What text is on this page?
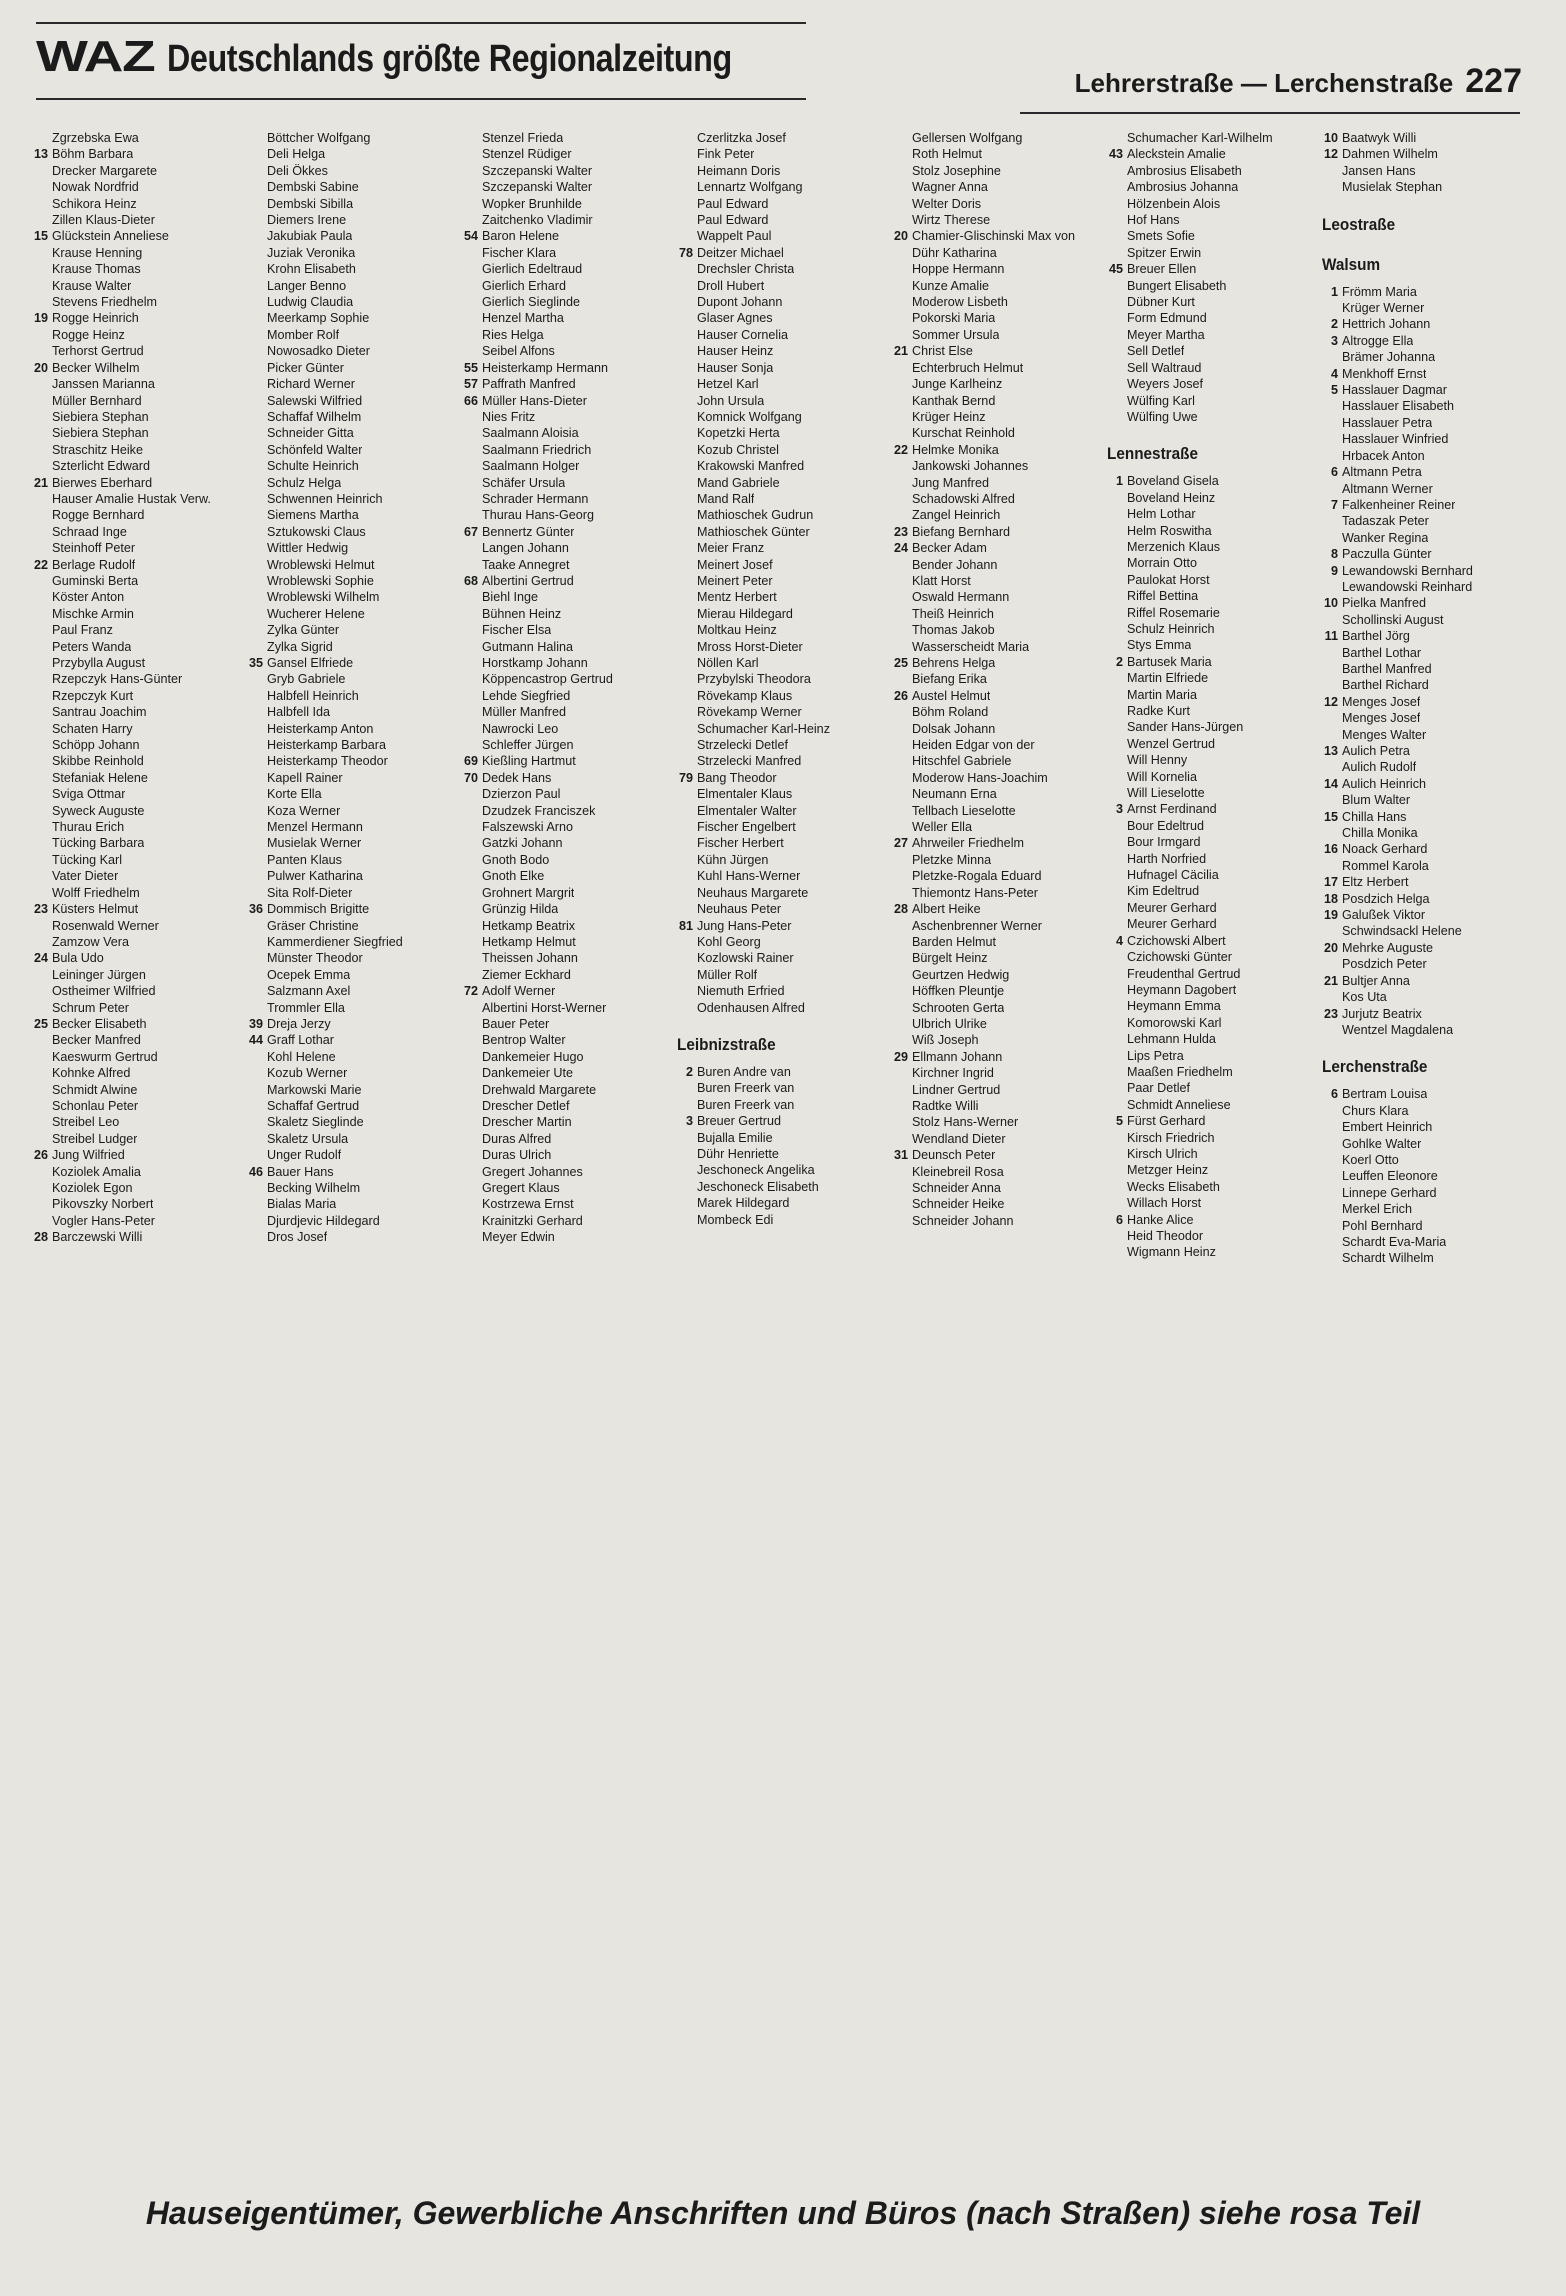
WAZ Deutschlands größte Regionalzeitung
Lehrerstraße — Lerchenstraße 227
Zgrzebska Ewa
13 Böhm Barbara
Drecker Margarete
Nowak Nordfrid
Schikora Heinz
Zillen Klaus-Dieter
15 Glückstein Anneliese
Krause Henning
Krause Thomas
Krause Walter
Stevens Friedhelm
19 Rogge Heinrich
Rogge Heinz
Terhorst Gertrud
20 Becker Wilhelm
Janssen Marianna
Müller Bernhard
Siebiera Stephan
Siebiera Stephan
Straschitz Heike
Szterlicht Edward
21 Bierwes Eberhard
Hauser Amalie Hustak Verw.
Rogge Bernhard
Schraad Inge
Steinhoff Peter
22 Berlage Rudolf
Guminski Berta
Köster Anton
Mischke Armin
Paul Franz
Peters Wanda
Przybylla August
Rzepczyk Hans-Günter
Rzepczyk Kurt
Santrau Joachim
Schaten Harry
Schöpp Johann
Skibbe Reinhold
Stefaniak Helene
Sviga Ottmar
Syweck Auguste
Thurau Erich
Tücking Barbara
Tücking Karl
Vater Dieter
Wolff Friedhelm
23 Küsters Helmut
Rosenwald Werner
Zamzow Vera
24 Bula Udo
Leininger Jürgen
Ostheimer Wilfried
Schrum Peter
25 Becker Elisabeth
Becker Manfred
Kaeswurm Gertrud
Kohnke Alfred
Schmidt Alwine
Schonlau Peter
Streibel Leo
Streibel Ludger
26 Jung Wilfried
Koziolek Amalia
Koziolek Egon
Pikovszky Norbert
Vogler Hans-Peter
28 Barczewski Willi
Böttcher Wolfgang
Deli Helga
Deli Ökkes
Dembski Sabine
Dembski Sibilla
Diemers Irene
Jakubiak Paula
Juziak Veronika
Krohn Elisabeth
Langer Benno
Ludwig Claudia
Meerkamp Sophie
Momber Rolf
Nowosadko Dieter
Picker Günter
Richard Werner
Salewski Wilfried
Schaffaf Wilhelm
Schneider Gitta
Schönfeld Walter
Schulte Heinrich
Schulz Helga
Schwennen Heinrich
Siemens Martha
Sztukowski Claus
Wittler Hedwig
Wroblewski Helmut
Wroblewski Sophie
Wroblewski Wilhelm
Wucherer Helene
Zylka Günter
Zylka Sigrid
35 Gansel Elfriede
Gryb Gabriele
Halbfell Heinrich
Halbfell Ida
Heisterkamp Anton
Heisterkamp Barbara
Heisterkamp Theodor
Kapell Rainer
Korte Ella
Koza Werner
Menzel Hermann
Musielak Werner
Panten Klaus
Pulwer Katharina
Sita Rolf-Dieter
36 Dommisch Brigitte
Gräser Christine
Kammerdiener Siegfried
Münster Theodor
Ocepek Emma
Salzmann Axel
Trommler Ella
39 Dreja Jerzy
44 Graff Lothar
Kohl Helene
Kozub Werner
Markowski Marie
Schaffaf Gertrud
Skaletz Sieglinde
Skaletz Ursula
Unger Rudolf
46 Bauer Hans
Becking Wilhelm
Bialas Maria
Djurdjevic Hildegard
Dros Josef
Stenzel Frieda
Stenzel Rüdiger
Szczepanski Walter
Szczepanski Walter
Wopker Brunhilde
Zaitchenko Vladimir
54 Baron Helene
Fischer Klara
Gierlich Edeltraud
Gierlich Erhard
Gierlich Sieglinde
Henzel Martha
Ries Helga
Seibel Alfons
55 Heisterkamp Hermann
57 Paffrath Manfred
66 Müller Hans-Dieter
Nies Fritz
Saalmann Aloisia
Saalmann Friedrich
Saalmann Holger
Schäfer Ursula
Schrader Hermann
Thurau Hans-Georg
67 Bennertz Günter
Langen Johann
Taake Annegret
68 Albertini Gertrud
Biehl Inge
Bühnen Heinz
Fischer Elsa
Gutmann Halina
Horstkamp Johann
Köppencastrop Gertrud
Lehde Siegfried
Müller Manfred
Nawrocki Leo
Schleffer Jürgen
69 Kießling Hartmut
70 Dedek Hans
Dzierzon Paul
Dzudzek Franciszek
Falszewski Arno
Gatzki Johann
Gnoth Bodo
Gnoth Elke
Grohnert Margrit
Grünzig Hilda
Hetkamp Beatrix
Hetkamp Helmut
Theissen Johann
Ziemer Eckhard
72 Adolf Werner
Albertini Horst-Werner
Bauer Peter
Bentrop Walter
Dankemeier Hugo
Dankemeier Ute
Drehwald Margarete
Drescher Detlef
Drescher Martin
Duras Alfred
Duras Ulrich
Gregert Johannes
Gregert Klaus
Kostrzewa Ernst
Krainitzki Gerhard
Meyer Edwin
Czerlitzka Josef
Fink Peter
Heimann Doris
Lennartz Wolfgang
Paul Edward
Paul Edward
Wappelt Paul
78 Deitzer Michael
Drechsler Christa
Droll Hubert
Dupont Johann
Glaser Agnes
Hauser Cornelia
Hauser Heinz
Hauser Sonja
Hetzel Karl
John Ursula
Komnick Wolfgang
Kopetzki Herta
Kozub Christel
Krakowski Manfred
Mand Gabriele
Mand Ralf
Mathioschek Gudrun
Mathioschek Günter
Meier Franz
Meinert Josef
Meinert Peter
Mentz Herbert
Mierau Hildegard
Moltkau Heinz
Mross Horst-Dieter
Nöllen Karl
Przybylski Theodora
Rövekamp Klaus
Rövekamp Werner
Schumacher Karl-Heinz
Strzelecki Detlef
Strzelecki Manfred
79 Bang Theodor
Elmentaler Klaus
Elmentaler Walter
Fischer Engelbert
Fischer Herbert
Kühn Jürgen
Kuhl Hans-Werner
Neuhaus Margarete
Neuhaus Peter
81 Jung Hans-Peter
Kohl Georg
Kozlowski Rainer
Müller Rolf
Niemuth Erfried
Odenhausen Alfred
Leibnizstraße
2 Buren Andre van
Buren Freerk van
Buren Freerk van
3 Breuer Gertrud
Bujalla Emilie
Dühr Henriette
Jeschoneck Angelika
Jeschoneck Elisabeth
Marek Hildegard
Mombeck Edi
Gellersen Wolfgang
Roth Helmut
Stolz Josephine
Wagner Anna
Welter Doris
Wirtz Therese
20 Chamier-Glischinski Max von
Dühr Katharina
Hoppe Hermann
Kunze Amalie
Moderow Lisbeth
Pokorski Maria
Sommer Ursula
21 Christ Else
Echterbruch Helmut
Junge Karlheinz
Kanthak Bernd
Krüger Heinz
Kurschat Reinhold
22 Helmke Monika
Jankowski Johannes
Jung Manfred
Schadowski Alfred
Zangel Heinrich
23 Biefang Bernhard
24 Becker Adam
Bender Johann
Klatt Horst
Oswald Hermann
Theiß Heinrich
Thomas Jakob
Wasserscheidt Maria
25 Behrens Helga
Biefang Erika
26 Austel Helmut
Böhm Roland
Dolsak Johann
Heiden Edgar von der
Hitschfel Gabriele
Moderow Hans-Joachim
Neumann Erna
Tellbach Lieselotte
Weller Ella
27 Ahrweiler Friedhelm
Pletzke Minna
Pletzke-Rogala Eduard
Thiemontz Hans-Peter
28 Albert Heike
Aschenbrenner Werner
Barden Helmut
Bürgelt Heinz
Geurtzen Hedwig
Höffken Pleuntje
Schrooten Gerta
Ulbrich Ulrike
Wiß Joseph
29 Ellmann Johann
Kirchner Ingrid
Lindner Gertrud
Radtke Willi
Stolz Hans-Werner
Wendland Dieter
31 Deunsch Peter
Kleinebreil Rosa
Schneider Anna
Schneider Heike
Schneider Johann
Schumacher Karl-Wilhelm
43 Aleckstein Amalie
Ambrosius Elisabeth
Ambrosius Johanna
Hölzenbein Alois
Hof Hans
Smets Sofie
Spitzer Erwin
45 Breuer Ellen
Bungert Elisabeth
Dübner Kurt
Form Edmund
Meyer Martha
Sell Detlef
Sell Waltraud
Weyers Josef
Wülfing Karl
Wülfing Uwe
Lennestraße
1 Boveland Gisela
Boveland Heinz
Helm Lothar
Helm Roswitha
Merzenich Klaus
Morrain Otto
Paulokat Horst
Riffel Bettina
Riffel Rosemarie
Schulz Heinrich
Stys Emma
2 Bartusek Maria
Martin Elfriede
Martin Maria
Radke Kurt
Sander Hans-Jürgen
Wenzel Gertrud
Will Henny
Will Kornelia
Will Lieselotte
3 Arnst Ferdinand
Bour Edeltrud
Bour Irmgard
Harth Norfried
Hufnagel Cäcilia
Kim Edeltrud
Meurer Gerhard
Meurer Gerhard
4 Czichowski Albert
Czichowski Günter
Freudenthal Gertrud
Heymann Dagobert
Heymann Emma
Komorowski Karl
Lehmann Hulda
Lips Petra
Maaßen Friedhelm
Paar Detlef
Schmidt Anneliese
5 Fürst Gerhard
Kirsch Friedrich
Kirsch Ulrich
Metzger Heinz
Wecks Elisabeth
Willach Horst
6 Hanke Alice
Heid Theodor
Wigmann Heinz
10 Baatwyk Willi
12 Dahmen Wilhelm
Jansen Hans
Musielak Stephan
Leostraße
Walsum
1 Frömm Maria
Krüger Werner
2 Hettrich Johann
3 Altrogge Ella
Brämer Johanna
4 Menkhoff Ernst
5 Hasslauer Dagmar
Hasslauer Elisabeth
Hasslauer Petra
Hasslauer Winfried
Hrbacek Anton
6 Altmann Petra
Altmann Werner
7 Falkenheiner Reiner
Tadaszak Peter
Wanker Regina
8 Paczulla Günter
9 Lewandowski Bernhard
Lewandowski Reinhard
10 Pielka Manfred
Schollinski August
11 Barthel Jörg
Barthel Lothar
Barthel Manfred
Barthel Richard
12 Menges Josef
Menges Josef
Menges Walter
13 Aulich Petra
Aulich Rudolf
14 Aulich Heinrich
Blum Walter
15 Chilla Hans
Chilla Monika
16 Noack Gerhard
Rommel Karola
17 Eltz Herbert
18 Posdzich Helga
19 Galußek Viktor
Schwindsackl Helene
20 Mehrke Auguste
Posdzich Peter
21 Bultjer Anna
Kos Uta
23 Jurjutz Beatrix
Wentzel Magdalena
Lerchenstraße
6 Bertram Louisa
Churs Klara
Embert Heinrich
Gohlke Walter
Koerl Otto
Leuffen Eleonore
Linnepe Gerhard
Merkel Erich
Pohl Bernhard
Schardt Eva-Maria
Schardt Wilhelm
Hauseigentümer, Gewerbliche Anschriften und Büros (nach Straßen) siehe rosa Teil
